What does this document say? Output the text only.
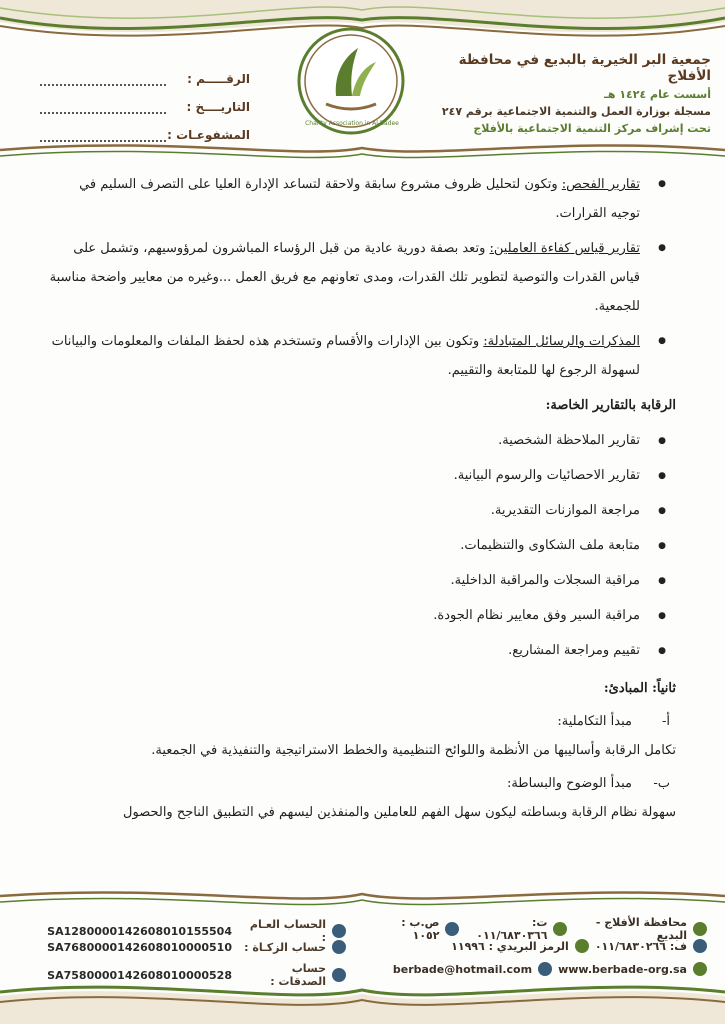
جمعية البر الخيرية بالبديع في محافظة الأفلاج
أسست عام ١٤٢٤ هـ
مسجلة بوزارة العمل والتنمية الاجتماعية برقم ٢٤٧
تحت إشراف مركز التنمية الاجتماعية بالأفلاج
Charity Association in Al-Badee
الرقـــــم :
التاريــــخ :
المشفوعـات :
● تقارير الفحص: وتكون لتحليل ظروف مشروع سابقة ولاحقة لتساعد الإدارة العليا على التصرف السليم في توجيه القرارات.
● تقارير قياس كفاءة العاملين: وتعد بصفة دورية عادية من قبل الرؤساء المباشرون لمرؤوسيهم، وتشمل على قياس القدرات والتوصية لتطوير تلك القدرات، ومدى تعاونهم مع فريق العمل ...وغيره من معايير واضحة مناسبة للجمعية.
● المذكرات والرسائل المتبادلة: وتكون بين الإدارات والأقسام وتستخدم هذه لحفظ الملفات والمعلومات والبيانات لسهولة الرجوع لها للمتابعة والتقييم.
الرقابة بالتقارير الخاصة:
● تقارير الملاحظة الشخصية.
● تقارير الاحصائيات والرسوم البيانية.
● مراجعة الموازنات التقديرية.
● متابعة ملف الشكاوى والتنظيمات.
● مراقبة السجلات والمراقبة الداخلية.
● مراقبة السير وفق معايير نظام الجودة.
● تقييم ومراجعة المشاريع.
ثانياً: المبادئ:
أ-
مبدأ التكاملية:
تكامل الرقابة وأساليبها من الأنظمة واللوائح التنظيمية والخطط الاستراتيجية والتنفيذية في الجمعية.
ب-
مبدأ الوضوح والبساطة:
سهولة نظام الرقابة وبساطته ليكون سهل الفهم للعاملين والمنفذين ليسهم في التطبيق الناجح والحصول
الحساب العـام :
SA1280000142608010155504
حساب الزكـاة :
SA7680000142608010000510
حساب الصدقات :
SA7580000142608010000528
محافظة الأفلاج - البديع
ت: ٠١١/٦٨٣٠٣٦٦
ص.ب : ١٠٥٢
ف: ٠١١/٦٨٣٠٢٦٦
الرمز البريدي : ١١٩٩٦
www.berbade-org.sa
berbade@hotmail.com
